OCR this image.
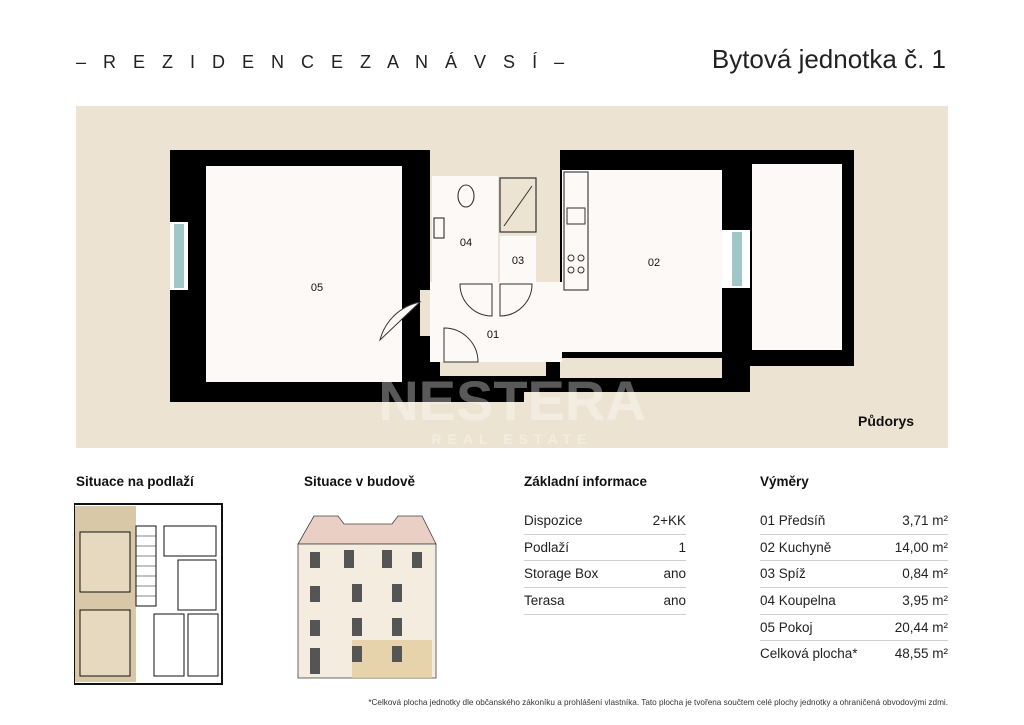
– R E Z I D E N C E Z A N Á V S Í –	Bytová jednotka č. 1
05
04
03	02
01
NESTERA
REAL ESTATE
Půdorys
Situace na podlaží	Situace v budově	Základní informace	Výměry
Dispozice	2+KK
Podlaží	1
Storage Box	ano
Terasa	ano
01 Předsíň	3,71 m²
02 Kuchyně	14,00 m²
03 Spíž	0,84 m²
04 Koupelna	3,95 m²
05 Pokoj	20,44 m²
Celková plocha*	48,55 m²
*Celková plocha jednotky dle občanského zákoníku a prohlášení vlastníka. Tato plocha je tvořena součtem celé plochy jednotky a ohraničená obvodovými zdmi.
